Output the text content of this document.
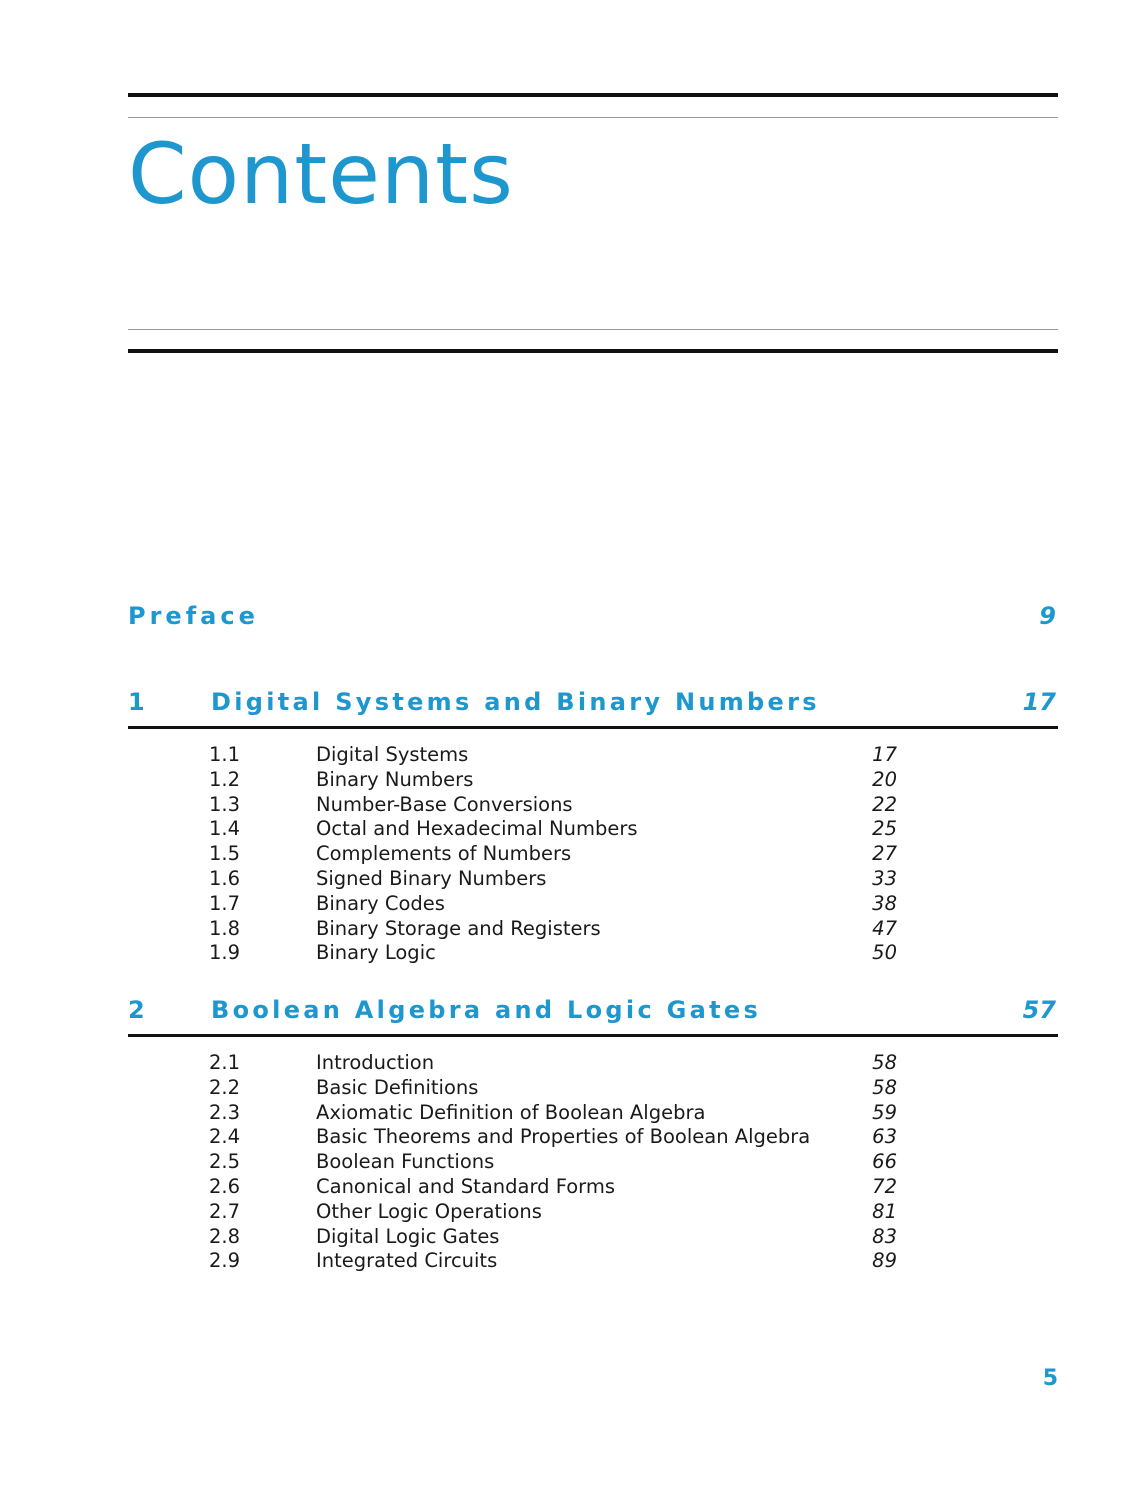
Contents
Preface	9
1	Digital Systems and Binary Numbers	17
1.1	Digital Systems	17
1.2	Binary Numbers	20
1.3	Number-Base Conversions	22
1.4	Octal and Hexadecimal Numbers	25
1.5	Complements of Numbers	27
1.6	Signed Binary Numbers	33
1.7	Binary Codes	38
1.8	Binary Storage and Registers	47
1.9	Binary Logic	50
2	Boolean Algebra and Logic Gates	57
2.1	Introduction	58
2.2	Basic Definitions	58
2.3	Axiomatic Definition of Boolean Algebra	59
2.4	Basic Theorems and Properties of Boolean Algebra	63
2.5	Boolean Functions	66
2.6	Canonical and Standard Forms	72
2.7	Other Logic Operations	81
2.8	Digital Logic Gates	83
2.9	Integrated Circuits	89
5
